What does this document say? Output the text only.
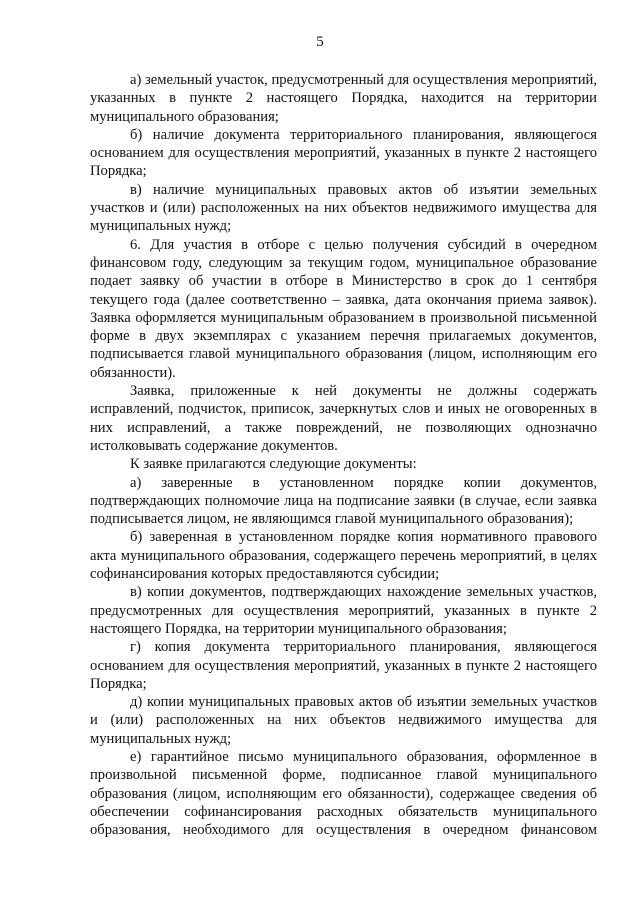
5

а) земельный участок, предусмотренный для осуществления мероприятий, указанных в пункте 2 настоящего Порядка, находится на территории муниципального образования;

б) наличие документа территориального планирования, являющегося основанием для осуществления мероприятий, указанных в пункте 2 настоящего Порядка;

в) наличие муниципальных правовых актов об изъятии земельных участков и (или) расположенных на них объектов недвижимого имущества для муниципальных нужд;

6. Для участия в отборе с целью получения субсидий в очередном финансовом году, следующим за текущим годом, муниципальное образование подает заявку об участии в отборе в Министерство в срок до 1 сентября текущего года (далее соответственно – заявка, дата окончания приема заявок). Заявка оформляется муниципальным образованием в произвольной письменной форме в двух экземплярах с указанием перечня прилагаемых документов, подписывается главой муниципального образования (лицом, исполняющим его обязанности).

Заявка, приложенные к ней документы не должны содержать исправлений, подчисток, приписок, зачеркнутых слов и иных не оговоренных в них исправлений, а также повреждений, не позволяющих однозначно истолковывать содержание документов.

К заявке прилагаются следующие документы:

а) заверенные в установленном порядке копии документов, подтверждающих полномочие лица на подписание заявки (в случае, если заявка подписывается лицом, не являющимся главой муниципального образования);

б) заверенная в установленном порядке копия нормативного правового акта муниципального образования, содержащего перечень мероприятий, в целях софинансирования которых предоставляются субсидии;

в) копии документов, подтверждающих нахождение земельных участков, предусмотренных для осуществления мероприятий, указанных в пункте 2 настоящего Порядка, на территории муниципального образования;

г) копия документа территориального планирования, являющегося основанием для осуществления мероприятий, указанных в пункте 2 настоящего Порядка;

д) копии муниципальных правовых актов об изъятии земельных участков и (или) расположенных на них объектов недвижимого имущества для муниципальных нужд;

е) гарантийное письмо муниципального образования, оформленное в произвольной письменной форме, подписанное главой муниципального образования (лицом, исполняющим его обязанности), содержащее сведения об обеспечении софинансирования расходных обязательств муниципального образования, необходимого для осуществления в очередном финансовом
